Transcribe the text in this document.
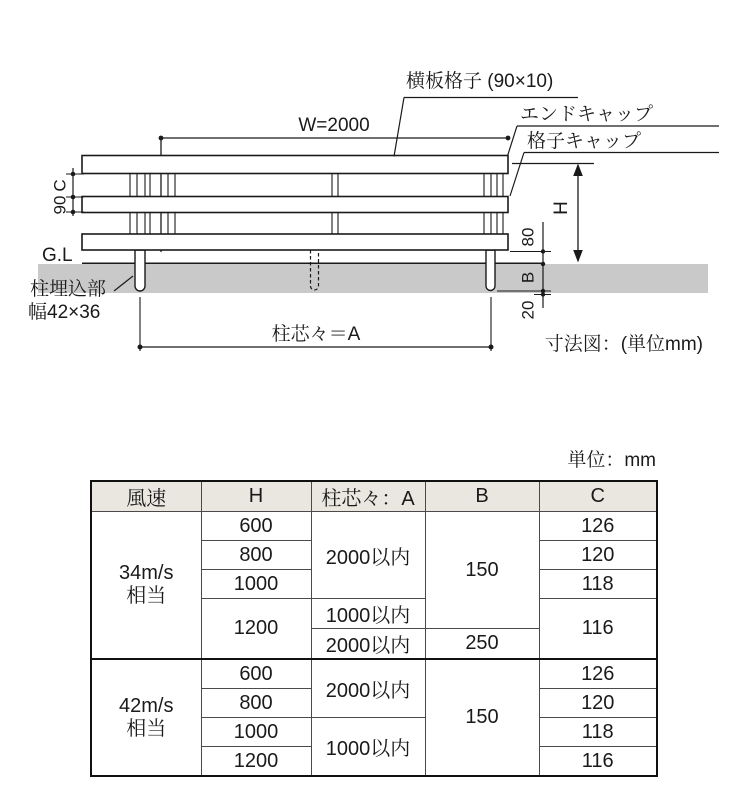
W=2000
C
90
80
B
20
H
柱芯々＝A
横板格子 (90×10)
エンドキャップ
格子キャップ
G.L
柱埋込部
幅42×36
寸法図：(単位mm)
単位：mm
風速	H	柱芯々：A	B	C

34m/s
相当	600	2000以内	150	126
	800			120
	1000			118
	1200	1000以内		116
		2000以内	250	

42m/s
相当	600	2000以内	150	126
	800			120
	1000	1000以内		118
	1200			116
